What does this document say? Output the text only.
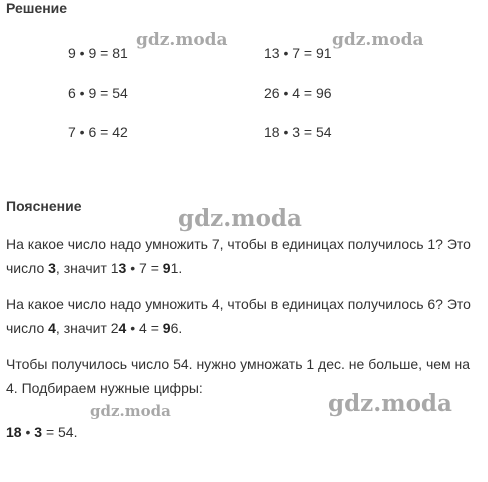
Решение
9 • 9 = 81
6 • 9 = 54
7 • 6 = 42
13 • 7 = 91
26 • 4 = 96
18 • 3 = 54
Пояснение
На какое число надо умножить 7, чтобы в единицах получилось 1? Это число 3, значит 13 • 7 = 91.
На какое число надо умножить 4, чтобы в единицах получилось 6? Это число 4, значит 24 • 4 = 96.
Чтобы получилось число 54. нужно умножать 1 дес. не больше, чем на 4. Подбираем нужные цифры:
18 • 3 = 54.
gdz.moda	gdz.moda
gdz.moda
gdz.moda	gdz.moda
